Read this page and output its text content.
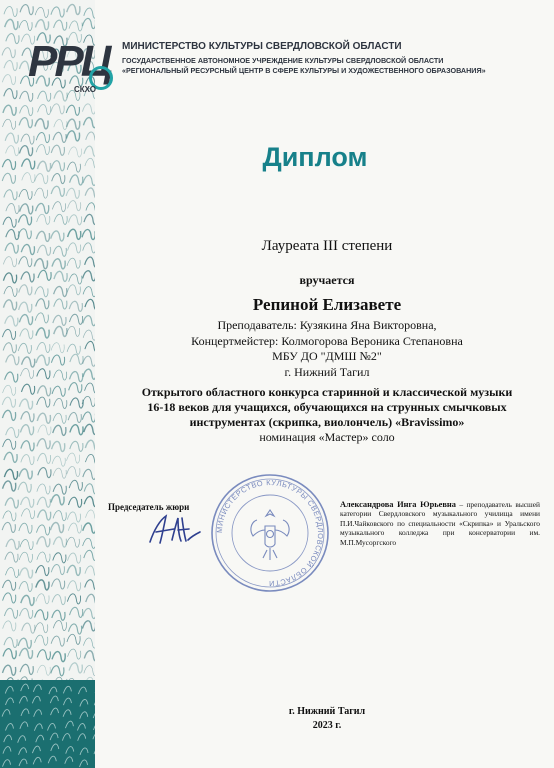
РРЦ
СКХО
МИНИСТЕРСТВО КУЛЬТУРЫ СВЕРДЛОВСКОЙ ОБЛАСТИ
ГОСУДАРСТВЕННОЕ АВТОНОМНОЕ УЧРЕЖДЕНИЕ КУЛЬТУРЫ СВЕРДЛОВСКОЙ ОБЛАСТИ
«РЕГИОНАЛЬНЫЙ РЕСУРСНЫЙ ЦЕНТР В СФЕРЕ КУЛЬТУРЫ И ХУДОЖЕСТВЕННОГО ОБРАЗОВАНИЯ»
Диплом
Лауреата III степени
вручается
Репиной Елизавете
Преподаватель: Кузякина Яна Викторовна,
Концертмейстер: Колмогорова Вероника Степановна
МБУ ДО "ДМШ №2"
г. Нижний Тагил
Открытого областного конкурса старинной и классической музыки
16-18 веков для учащихся, обучающихся на струнных смычковых
инструментах (скрипка, виолончель) «Bravissimo»
номинация «Мастер» соло
Председатель жюри
МИНИСТЕРСТВО КУЛЬТУРЫ СВЕРДЛОВСКОЙ ОБЛАСТИ
Александрова Инга Юрьевна – преподаватель высшей категории Свердловского музыкального училища имени П.И.Чайковского по специальности «Скрипка» и Уральского музыкального колледжа при консерватории им. М.П.Мусоргского
г. Нижний Тагил
2023 г.
